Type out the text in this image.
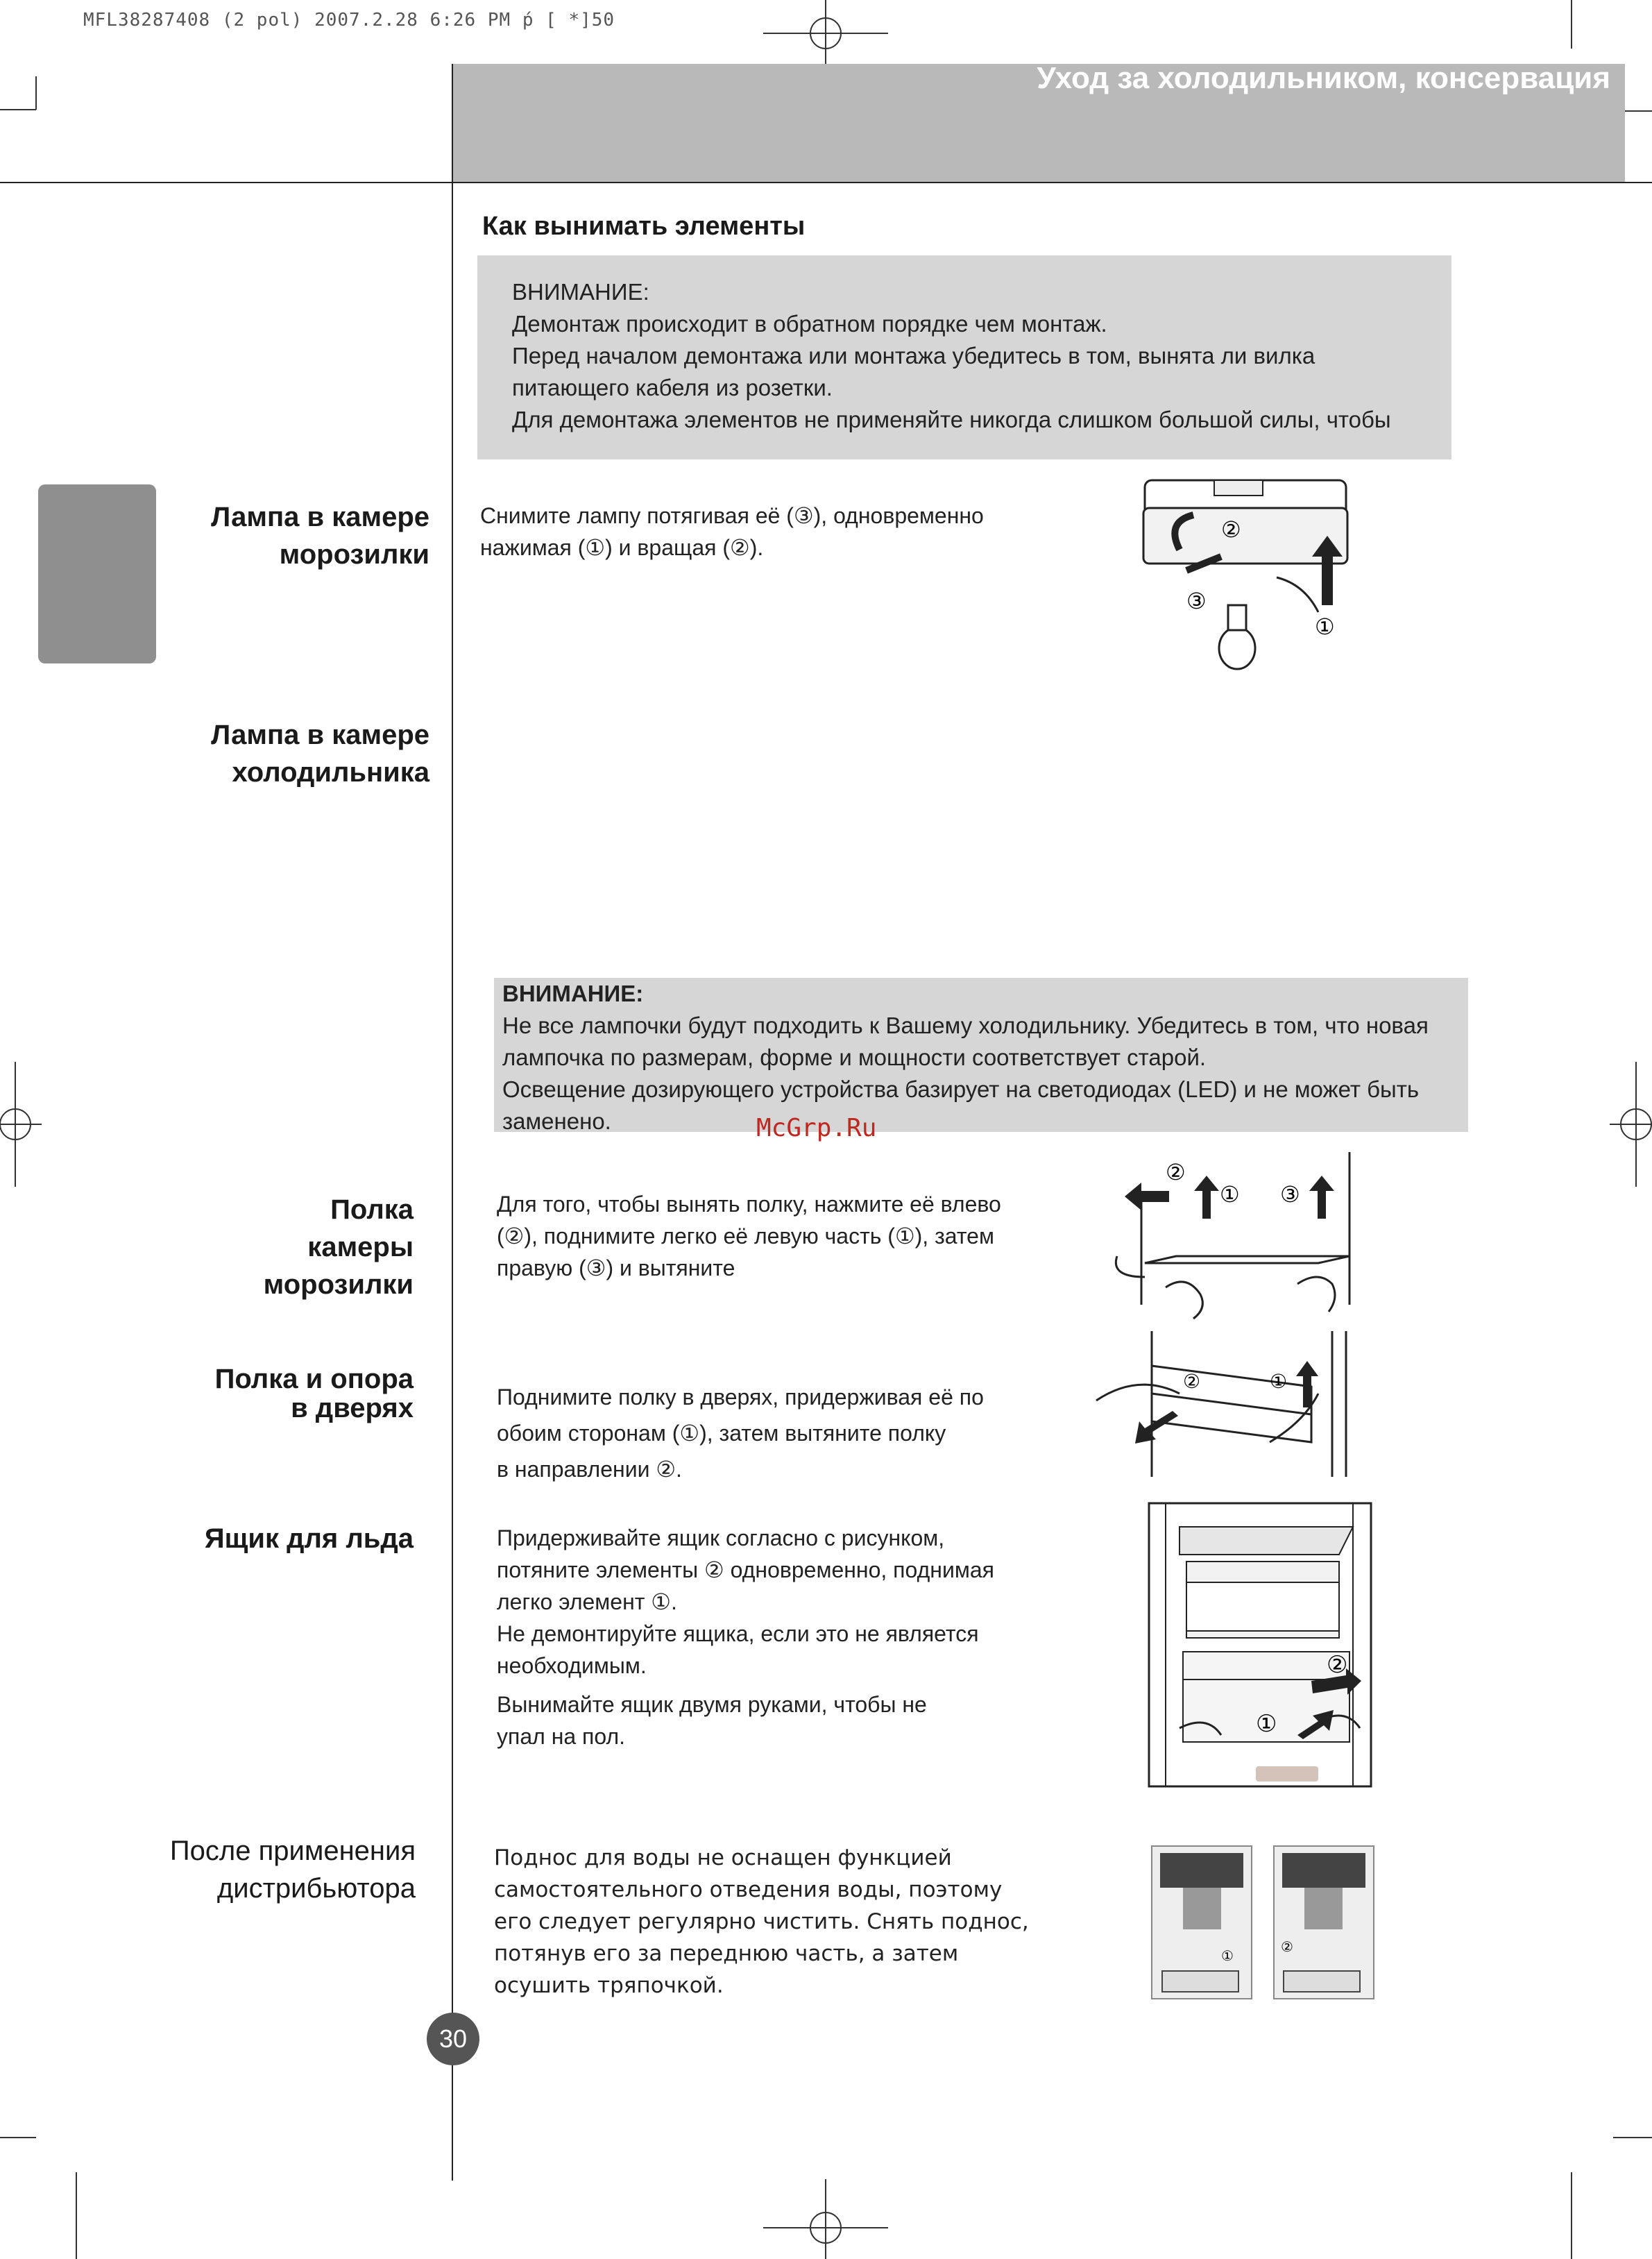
MFL38287408 (2 pol) 2007.2.28 6:26 PM ṕ [ *]50
Уход за холодильником, консервация
Как вынимать элементы
ВНИМАНИЕ:
Демонтаж происходит в обратном порядке чем монтаж.
Перед началом демонтажа или монтажа убедитесь в том, вынята ли вилка
питающего кабеля из розетки.
Для демонтажа элементов не применяйте никогда слишком большой силы, чтобы
Лампа в камере
морозилки
Снимите лампу потягивая её (③), одновременно
нажимая (①) и вращая (②).
②
③
①
Лампа в камере
холодильника
ВНИМАНИЕ:
Не все лампочки будут подходить к Вашему холодильнику. Убедитесь в том, что новая
лампочка по размерам, форме и мощности соответствует старой.
Освещение дозирующего устройства базирует на светодиодах (LED) и не может быть
заменено.	McGrp.Ru
Полка
камеры
морозилки
Для того, чтобы вынять полку, нажмите её влево
(②), поднимите легко её левую часть (①), затем
правую (③) и вытяните
②
① ③
Полка и опора
в дверях	Поднимите полку в дверях, придерживая её по
обоим сторонам (①), затем вытяните полку
в направлении ②.
②	①
Ящик для льда	Придерживайте ящик согласно с рисунком,
потяните элементы ② одновременно, поднимая
легко элемент ①.
Не демонтируйте ящика, если это не является
необходимым.
Вынимайте ящик двумя руками, чтобы не
упал на пол.
②
①
После применения
дистрибьютора
Поднос для воды не оснащен функцией
самостоятельного отведения воды, поэтому
его следует регулярно чистить. Снять поднос,
потянув его за переднюю часть, а затем
осушить тряпочкой.
①
②
30
